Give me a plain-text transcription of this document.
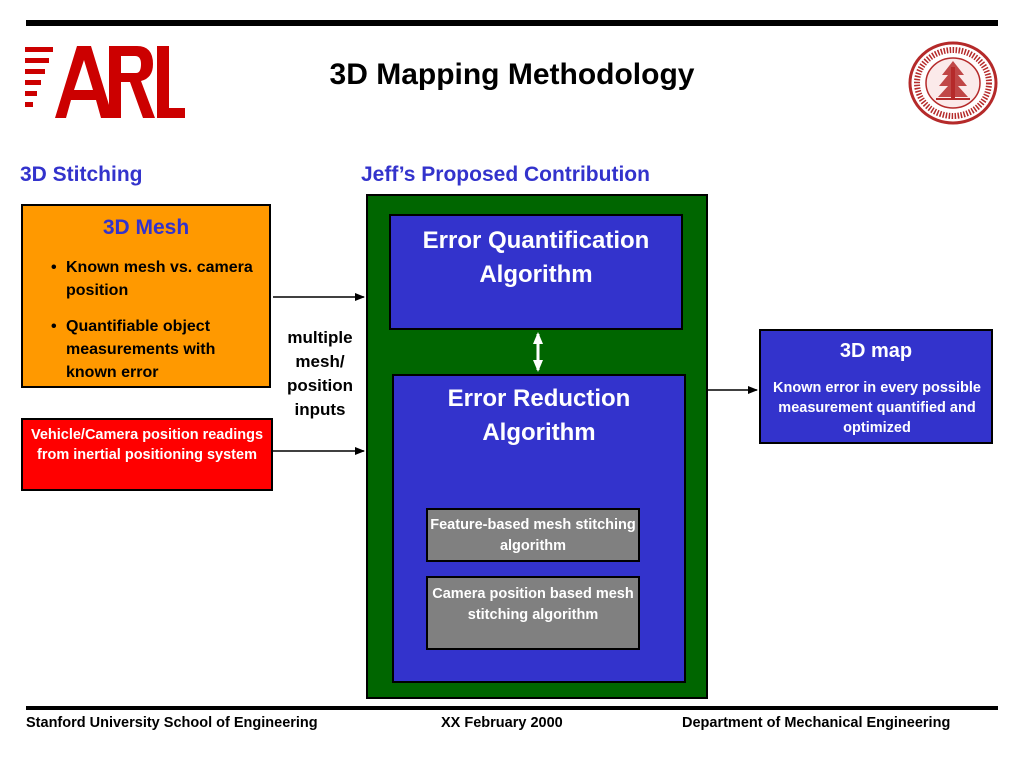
3D Mapping Methodology
3D Stitching	Jeff’s Proposed Contribution
3D Mesh
• Known mesh vs. camera position
• Quantifiable object measurements with known error
Vehicle/Camera position readings from inertial positioning system
multiple mesh/ position inputs
Error Quantification Algorithm
Error Reduction Algorithm
Feature-based mesh stitching algorithm
Camera position based mesh stitching algorithm
3D map
Known error in every possible measurement quantified and optimized
Stanford University School of Engineering	XX February 2000	Department of Mechanical Engineering
